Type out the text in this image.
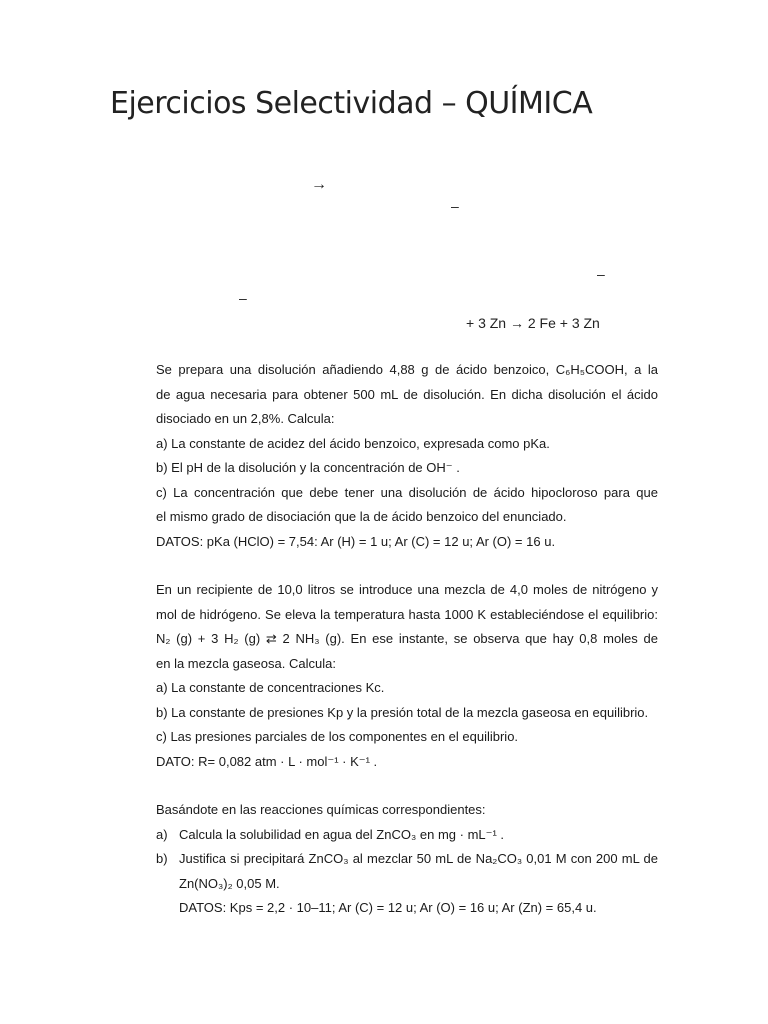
Ejercicios Selectividad – QUÍMICA
→
–
–
–
+ 3 Zn → 2 Fe + 3 Zn
Se prepara una disolución añadiendo 4,88 g de ácido benzoico, C₆H₅COOH, a la
de agua necesaria para obtener 500 mL de disolución. En dicha disolución el ácido
disociado en un 2,8%. Calcula:
a) La constante de acidez del ácido benzoico, expresada como pKa.
b) El pH de la disolución y la concentración de OH⁻ .
c) La concentración que debe tener una disolución de ácido hipocloroso para que
el mismo grado de disociación que la de ácido benzoico del enunciado.
DATOS: pKa (HClO) = 7,54: Ar (H) = 1 u; Ar (C) = 12 u; Ar (O) = 16 u.
En un recipiente de 10,0 litros se introduce una mezcla de 4,0 moles de nitrógeno y
mol de hidrógeno. Se eleva la temperatura hasta 1000 K estableciéndose el equilibrio:
N₂ (g) + 3 H₂ (g) ⇄ 2 NH₃ (g). En ese instante, se observa que hay 0,8 moles de
en la mezcla gaseosa. Calcula:
a) La constante de concentraciones Kc.
b) La constante de presiones Kp y la presión total de la mezcla gaseosa en equilibrio.
c) Las presiones parciales de los componentes en el equilibrio.
DATO: R= 0,082 atm · L · mol⁻¹ · K⁻¹ .
Basándote en las reacciones químicas correspondientes:
a) Calcula la solubilidad en agua del ZnCO₃ en mg · mL⁻¹ .
b) Justifica si precipitará ZnCO₃ al mezclar 50 mL de Na₂CO₃ 0,01 M con 200 mL de
Zn(NO₃)₂ 0,05 M.
DATOS: Kps = 2,2 · 10–11; Ar (C) = 12 u; Ar (O) = 16 u; Ar (Zn) = 65,4 u.
